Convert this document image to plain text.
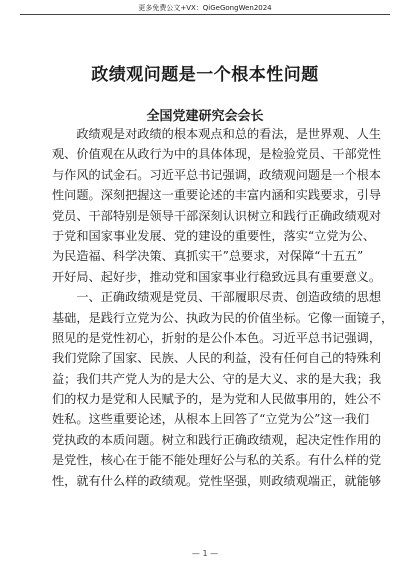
更多免费公文+VX：QiGeGongWen2024
政绩观问题是一个根本性问题
全国党建研究会会长
　　政绩观是对政绩的根本观点和总的看法，是世界观、人生
观、价值观在从政行为中的具体体现，是检验党员、干部党性
与作风的试金石。习近平总书记强调，政绩观问题是一个根本
性问题。深刻把握这一重要论述的丰富内涵和实践要求，引导
党员、干部特别是领导干部深刻认识树立和践行正确政绩观对
于党和国家事业发展、党的建设的重要性，落实“立党为公、
为民造福、科学决策、真抓实干”总要求，对保障“十五五”
开好局、起好步，推动党和国家事业行稳致远具有重要意义。
　　一、正确政绩观是党员、干部履职尽责、创造政绩的思想
基础，是践行立党为公、执政为民的价值坐标。它像一面镜子，
照见的是党性初心，折射的是公仆本色。习近平总书记强调，
我们党除了国家、民族、人民的利益，没有任何自己的特殊利
益；我们共产党人为的是大公、守的是大义、求的是大我；我
们的权力是党和人民赋予的，是为党和人民做事用的，姓公不
姓私。这些重要论述，从根本上回答了“立党为公”这一我们
党执政的本质问题。树立和践行正确政绩观，起决定性作用的
是党性，核心在于能不能处理好公与私的关系。有什么样的党
性，就有什么样的政绩观。党性坚强，则政绩观端正，就能够
— 1 —
